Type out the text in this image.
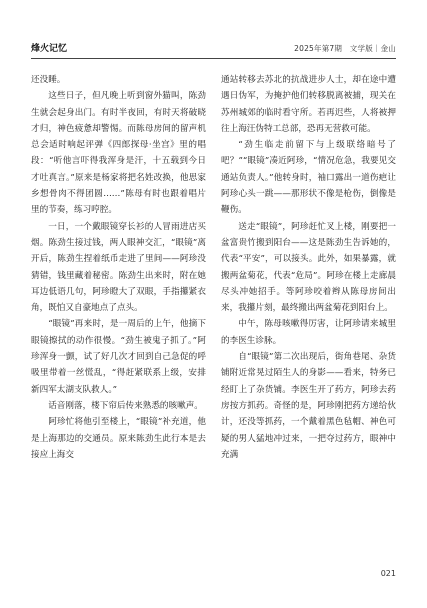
烽火记忆	2025年第7期　文学版｜金山

还没睡。

这些日子，但凡晚上听到窗外猫叫，陈劲生就会起身出门。有时半夜回，有时天将破晓才归，神色疲惫却警惕。而陈母房间的留声机总会适时响起评弹《四郎探母·坐宫》里的唱段：“听他言吓得我浑身是汗，十五载到今日才吐真言。”原来是杨家将把名姓改换，他思家乡想骨肉不得团圆……”陈母有时也跟着唱片里的节奏，练习哼腔。

一日，一个戴眼镜穿长衫的人冒雨进店买烟。陈劲生接过钱，两人眼神交汇，“眼镜”离开后，陈劲生捏着纸币走进了里间——阿珍没猜错，钱里藏着秘密。陈劲生出来时，附在她耳边低语几句，阿珍瞪大了双眼，手指攥紧衣角，既怕又自豪地点了点头。

“眼镜”再来时，是一周后的上午，他摘下眼镜擦拭的动作很慢。“劲生被鬼子抓了。”阿珍浑身一颤，试了好几次才回到自己急促的呼吸里带着一丝慌乱，“得赶紧联系上级，安排新四军太湖支队救人。”

话音刚落，楼下帘后传来熟悉的咳嗽声。

阿珍忙将他引至楼上，“眼镜”补充道，他是上海那边的交通员。原来陈劲生此行本是去接应上海交

通站转移去苏北的抗战进步人士，却在途中遭遇日伪军，为掩护他们转移脱离被捕，现关在苏州城郊的临时看守所。若再迟些，人将被押往上海汪伪特工总部，恐再无营救可能。

“劲生临走前留下与上级联络暗号了吧？”“眼镜”凑近阿珍，“情况危急，我要见交通站负责人。”他转身时，袖口露出一道伤疤让阿珍心头一跳——那形状不像是枪伤，倒像是鞭伤。

送走“眼镜”，阿珍赶忙叉上楼，刚要把一盆富贵竹搬到阳台——这是陈劲生告诉她的，代表“平安”，可以接头。此外，如果暴露，就搬两盆菊花，代表“危局”。阿珍在楼上走廊晨尽头冲她招手。等阿珍咬着辫从陈母房间出来，我攥片刻，最终搬出两盆菊花到阳台上。

中午，陈母咳嗽得厉害，让阿珍请来城里的李医生诊脉。

自“眼镜”第二次出现后，街角巷尾、杂货铺附近常晃过陌生人的身影——看来，特务已经盯上了杂货铺。李医生开了药方，阿珍去药房按方抓药。奇怪的是，阿珍刚把药方递给伙计，还没等抓药，一个戴着黑色毡帽、神色可疑的男人猛地冲过来，一把夺过药方，眼神中充满

021
